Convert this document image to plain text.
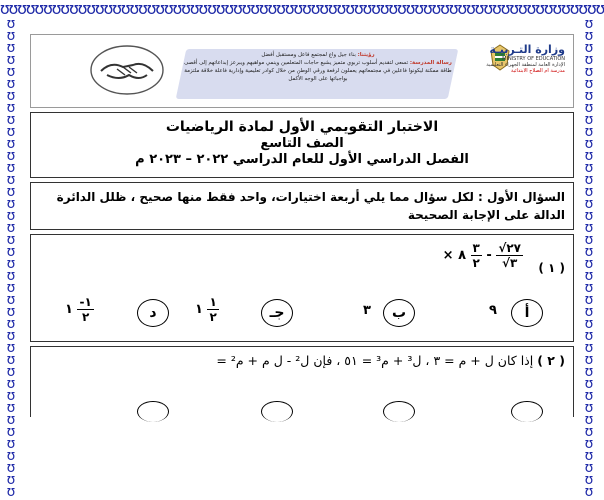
ʊʊʊʊʊʊʊʊʊʊʊʊʊʊʊʊʊʊʊʊʊʊʊʊʊʊʊʊʊʊʊʊʊʊʊʊʊʊʊʊʊʊʊʊʊʊʊʊʊʊʊʊʊʊʊʊʊʊʊʊʊʊʊʊʊʊʊʊʊʊ
ʊ
ʊ
ʊ
ʊ
ʊ
ʊ
ʊ
ʊ
ʊ
ʊ
ʊ
ʊ
ʊ
ʊ
ʊ
ʊ
ʊ
ʊ
ʊ
ʊ
ʊ
ʊ
ʊ
ʊ
ʊ
ʊ
ʊ
ʊ
ʊ
ʊ
ʊ
ʊ
ʊ
ʊ
ʊ
ʊ
ʊ
ʊ
ʊ
ʊ
ʊ
ʊ
ʊ
ʊ
ʊ
ʊ
ʊ
ʊ
ʊ
ʊ
ʊ
ʊ
ʊ
ʊ
ʊ
ʊ
ʊ
ʊ
ʊ
ʊ
ʊ
ʊ
ʊ
ʊ
ʊ
ʊ
ʊ
ʊ
ʊ
ʊ
ʊ
ʊ
ʊ
ʊ
ʊ
ʊ
ʊ
ʊ
ʊ
ʊ
رؤيتنا: بناء جيل واع لمجتمع فاعل ومستقبل أفضل
رسالة المدرسة: تسعى لتقديم أسلوب تربوي متميز يشبع حاجات المتعلمين وينمي مواهبهم ويبرعز إبداعاتهم إلى أقصى طاقة ممكنة ليكونوا فاعلين في مجتمعاتهم يعملون لرفعة ورقي الوطن من خلال كوادر تعليمية وإدارية فاعلة خلاقة ملتزمة بواجباتها على الوجه الأكمل
وزارة التـربيـة
MINISTRY OF EDUCATION
الإدارة العامة لمنطقة الجهراء التعليمية
مدرسة ام الصلاح الابتدائية
الاختبار التقويمي الأول لمادة الرياضيات
الصف التاسع
الفصل الدراسي الأول للعام الدراسي ٢٠٢٢ – ٢٠٢٣ م
السؤال الأول : لكل سؤال مما يلي أربعة اختيارات، واحد فقط منها صحيح ، ظلل الدائرة الدالة على الإجابة الصحيحة
( ١ )
× ٨ $\frac{٣}{٢} - \frac{√٢٧}{√٣}$
أ
٩
ب
٣
جـ
١ $\frac{١}{٢}$
د
١ $\frac{-١}{٢}$
( ٢ ) إذا كان ل + م = ٣ ، ل³ + م³ = ٥١ ، فإن ل² - ل م + م² =
